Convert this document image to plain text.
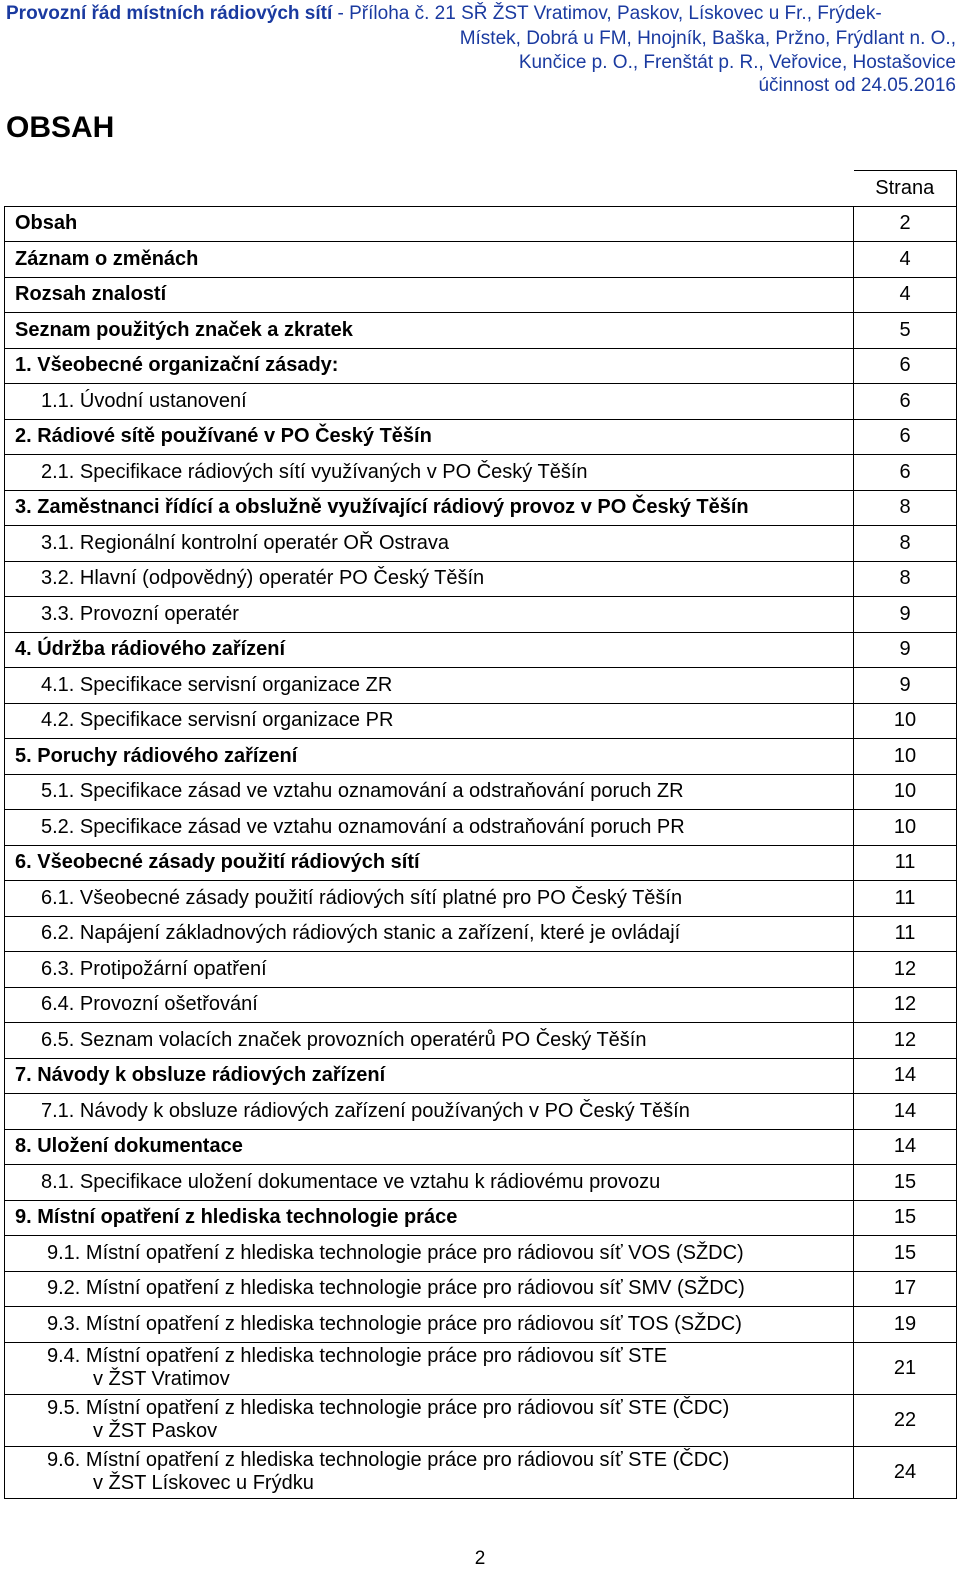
Provozní řád místních rádiových sítí - Příloha č. 21 SŘ ŽST Vratimov, Paskov, Lískovec u Fr., Frýdek-
Místek, Dobrá u FM, Hnojník, Baška, Pržno, Frýdlant n. O.,
Kunčice p. O., Frenštát p. R., Veřovice, Hostašovice
účinnost od 24.05.2016
OBSAH
	Strana
Obsah	2
Záznam o změnách	4
Rozsah znalostí	4
Seznam použitých značek a zkratek	5
1. Všeobecné organizační zásady:	6
1.1. Úvodní ustanovení	6
2. Rádiové sítě používané v PO Český Těšín	6
2.1. Specifikace rádiových sítí využívaných v PO Český Těšín	6
3. Zaměstnanci řídící a obslužně využívající rádiový provoz v PO Český Těšín	8
3.1. Regionální kontrolní operatér OŘ Ostrava	8
3.2. Hlavní (odpovědný) operatér PO Český Těšín	8
3.3. Provozní operatér	9
4. Údržba rádiového zařízení	9
4.1. Specifikace servisní organizace ZR	9
4.2. Specifikace servisní organizace PR	10
5. Poruchy rádiového zařízení	10
5.1. Specifikace zásad ve vztahu oznamování a odstraňování poruch ZR	10
5.2. Specifikace zásad ve vztahu oznamování a odstraňování poruch PR	10
6. Všeobecné zásady použití rádiových sítí	11
6.1. Všeobecné zásady použití rádiových sítí platné pro PO Český Těšín	11
6.2. Napájení základnových rádiových stanic a zařízení, které je ovládají	11
6.3. Protipožární opatření	12
6.4. Provozní ošetřování	12
6.5. Seznam volacích značek provozních operatérů PO Český Těšín	12
7. Návody k obsluze rádiových zařízení	14
7.1. Návody k obsluze rádiových zařízení používaných v PO Český Těšín	14
8. Uložení dokumentace	14
8.1. Specifikace uložení dokumentace ve vztahu k rádiovému provozu	15
9. Místní opatření z hlediska technologie práce	15
9.1. Místní opatření z hlediska technologie práce pro rádiovou síť VOS (SŽDC)	15
9.2. Místní opatření z hlediska technologie práce pro rádiovou síť SMV (SŽDC)	17
9.3. Místní opatření z hlediska technologie práce pro rádiovou síť TOS (SŽDC)	19

9.4. Místní opatření z hlediska technologie práce pro rádiovou síť STE
v ŽST Vratimov	21

9.5. Místní opatření z hlediska technologie práce pro rádiovou síť STE (ČDC)
v ŽST Paskov	22

9.6. Místní opatření z hlediska technologie práce pro rádiovou síť STE (ČDC)
v ŽST Lískovec u Frýdku	24
2
